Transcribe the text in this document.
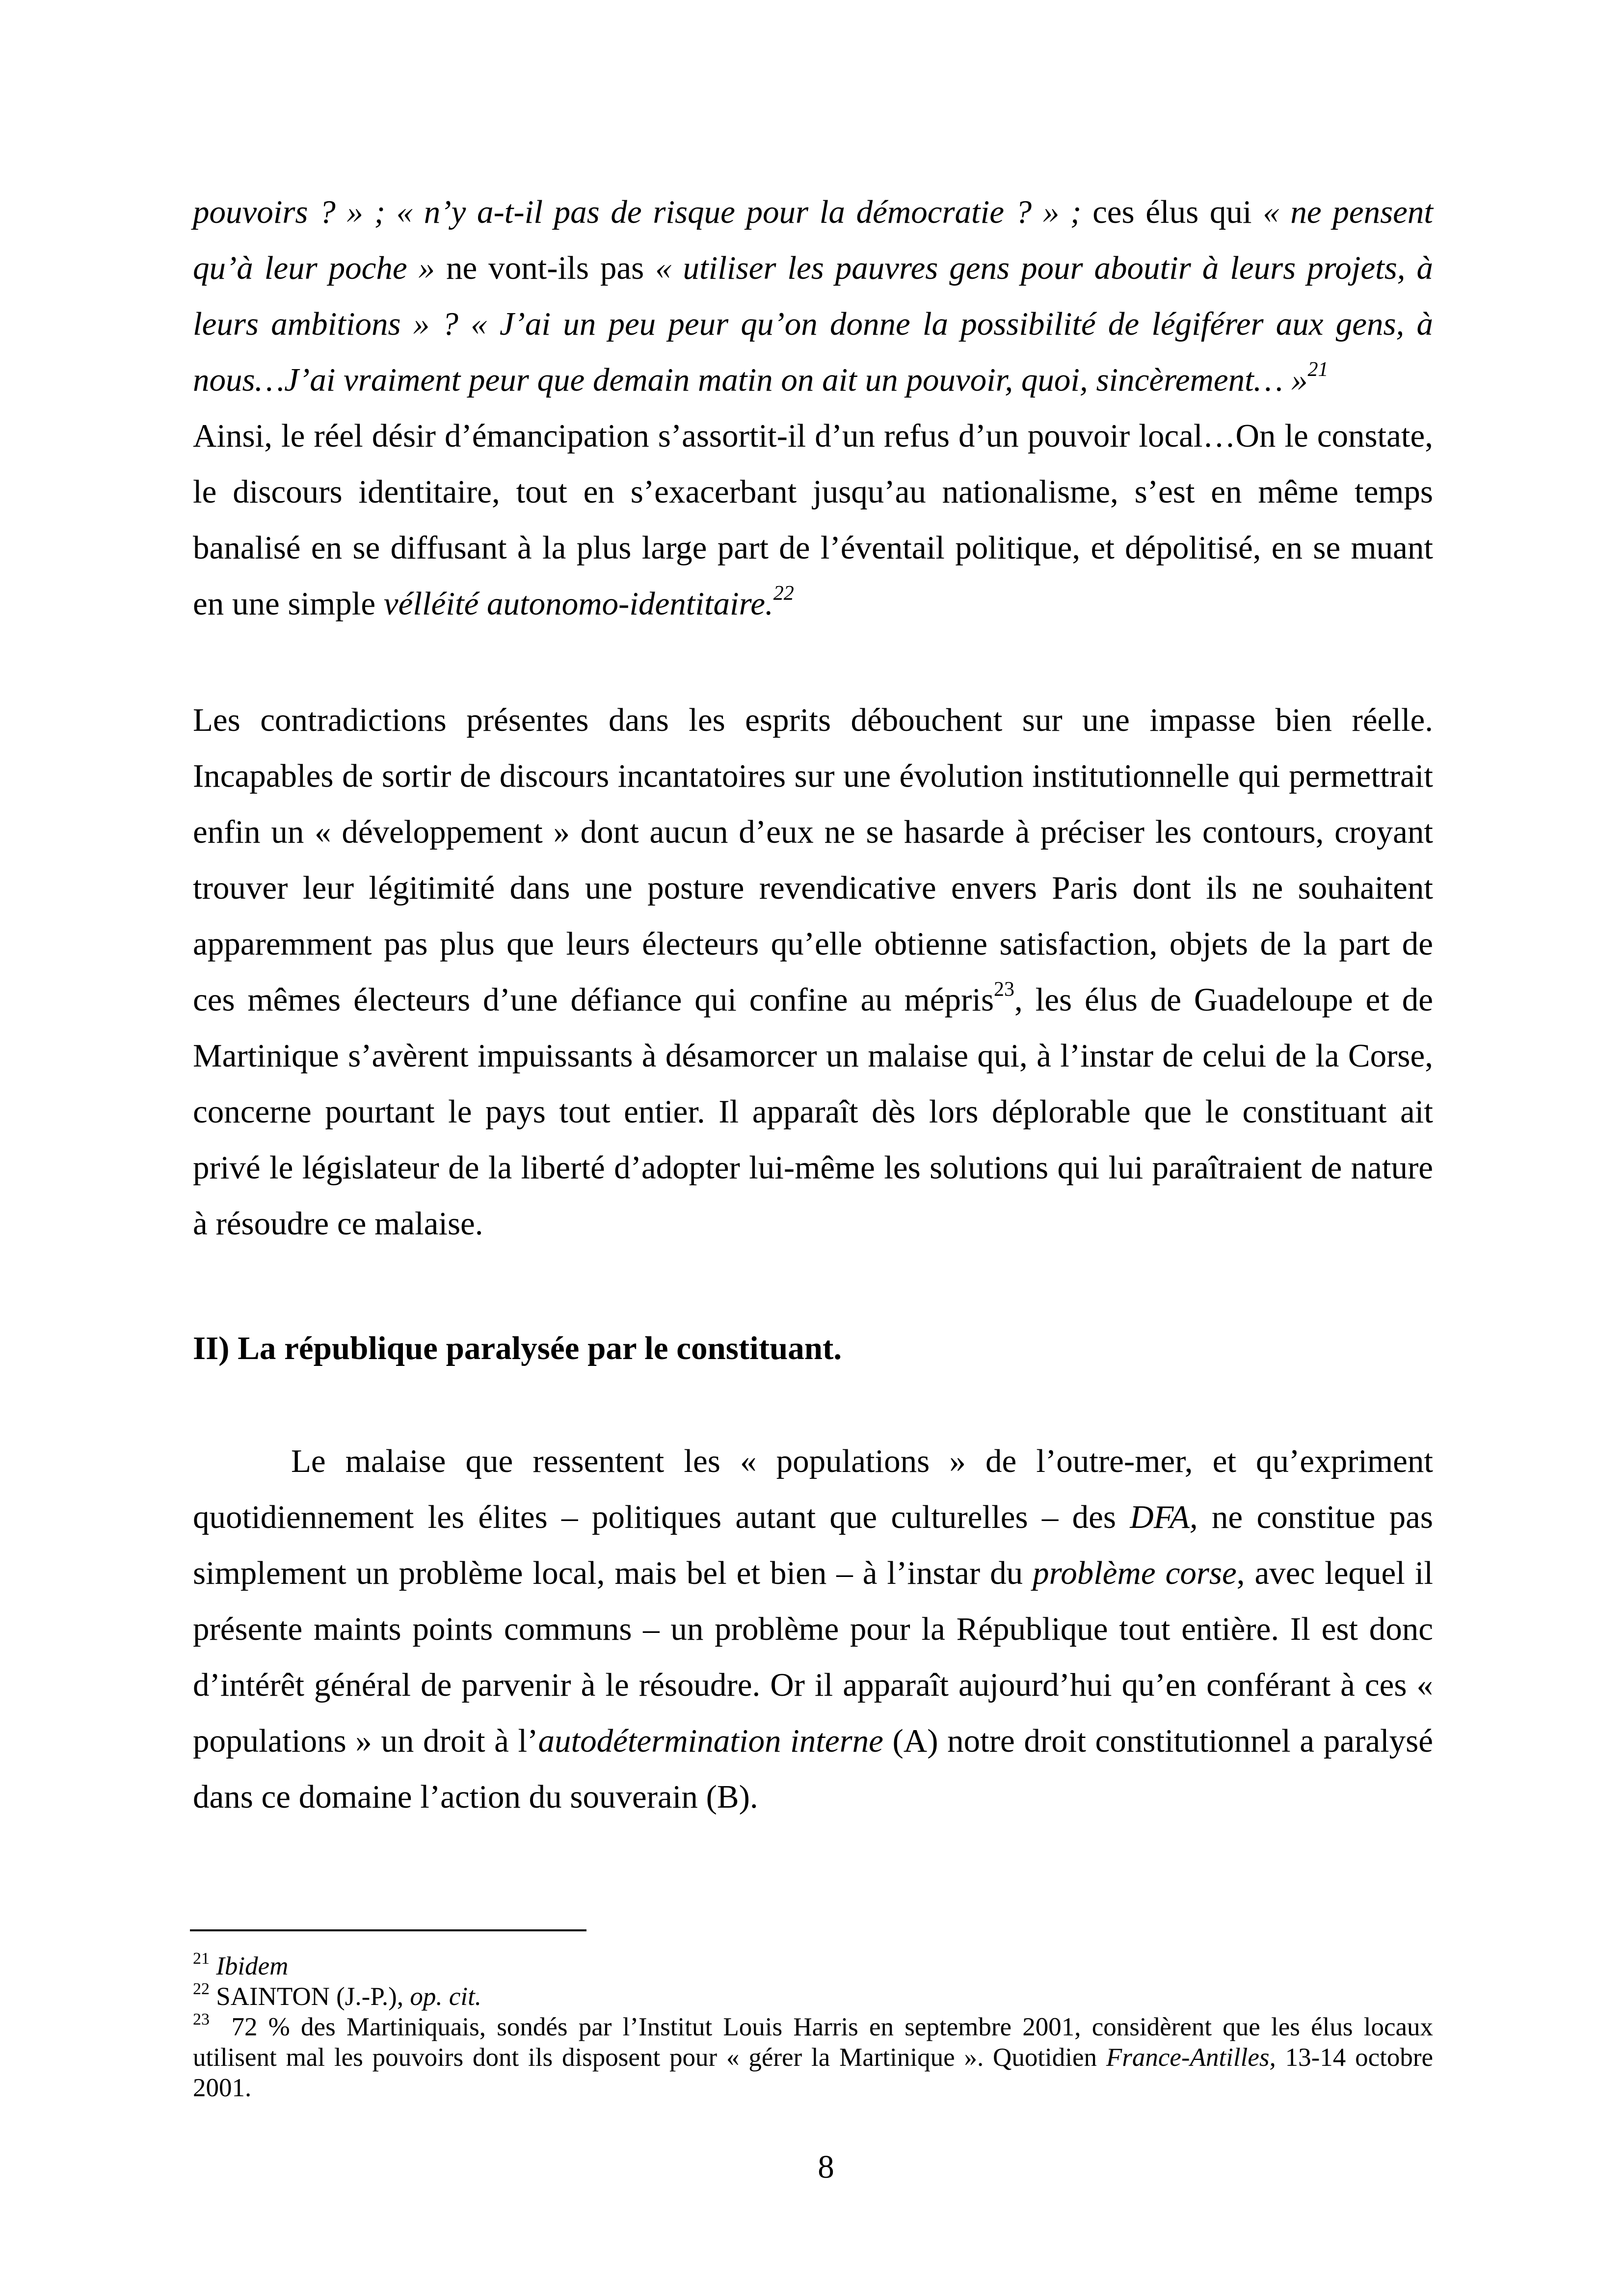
pouvoirs ? » ; « n’y a-t-il pas de risque pour la démocratie ? » ; ces élus qui « ne pensent qu’à leur poche » ne vont-ils pas « utiliser les pauvres gens pour aboutir à leurs projets, à leurs ambitions » ? « J’ai un peu peur qu’on donne la possibilité de légiférer aux gens, à nous…J’ai vraiment peur que demain matin on ait un pouvoir, quoi, sincèrement… »$^{21}$
Ainsi, le réel désir d’émancipation s’assortit-il d’un refus d’un pouvoir local…On le constate, le discours identitaire, tout en s’exacerbant jusqu’au nationalisme, s’est en même temps banalisé en se diffusant à la plus large part de l’éventail politique, et dépolitisé, en se muant en une simple vélléité autonomo-identitaire.$^{22}$

Les contradictions présentes dans les esprits débouchent sur une impasse bien réelle. Incapables de sortir de discours incantatoires sur une évolution institutionnelle qui permettrait enfin un « développement » dont aucun d’eux ne se hasarde à préciser les contours, croyant trouver leur légitimité dans une posture revendicative envers Paris dont ils ne souhaitent apparemment pas plus que leurs électeurs qu’elle obtienne satisfaction, objets de la part de ces mêmes électeurs d’une défiance qui confine au mépris$^{23}$, les élus de Guadeloupe et de Martinique s’avèrent impuissants à désamorcer un malaise qui, à l’instar de celui de la Corse, concerne pourtant le pays tout entier. Il apparaît dès lors déplorable que le constituant ait privé le législateur de la liberté d’adopter lui-même les solutions qui lui paraîtraient de nature à résoudre ce malaise.

II) La république paralysée par le constituant.

Le malaise que ressentent les « populations » de l’outre-mer, et qu’expriment quotidiennement les élites – politiques autant que culturelles – des DFA, ne constitue pas simplement un problème local, mais bel et bien – à l’instar du problème corse, avec lequel il présente maints points communs – un problème pour la République tout entière. Il est donc d’intérêt général de parvenir à le résoudre. Or il apparaît aujourd’hui qu’en conférant à ces « populations » un droit à l’autodétermination interne (A) notre droit constitutionnel a paralysé dans ce domaine l’action du souverain (B).

$^{21}$ Ibidem

$^{22}$ SAINTON (J.-P.), op. cit.

$^{23}$  72 % des Martiniquais, sondés par l’Institut Louis Harris en septembre 2001, considèrent que les élus locaux utilisent mal les pouvoirs dont ils disposent pour « gérer la Martinique ». Quotidien France-Antilles, 13-14 octobre 2001.

8
